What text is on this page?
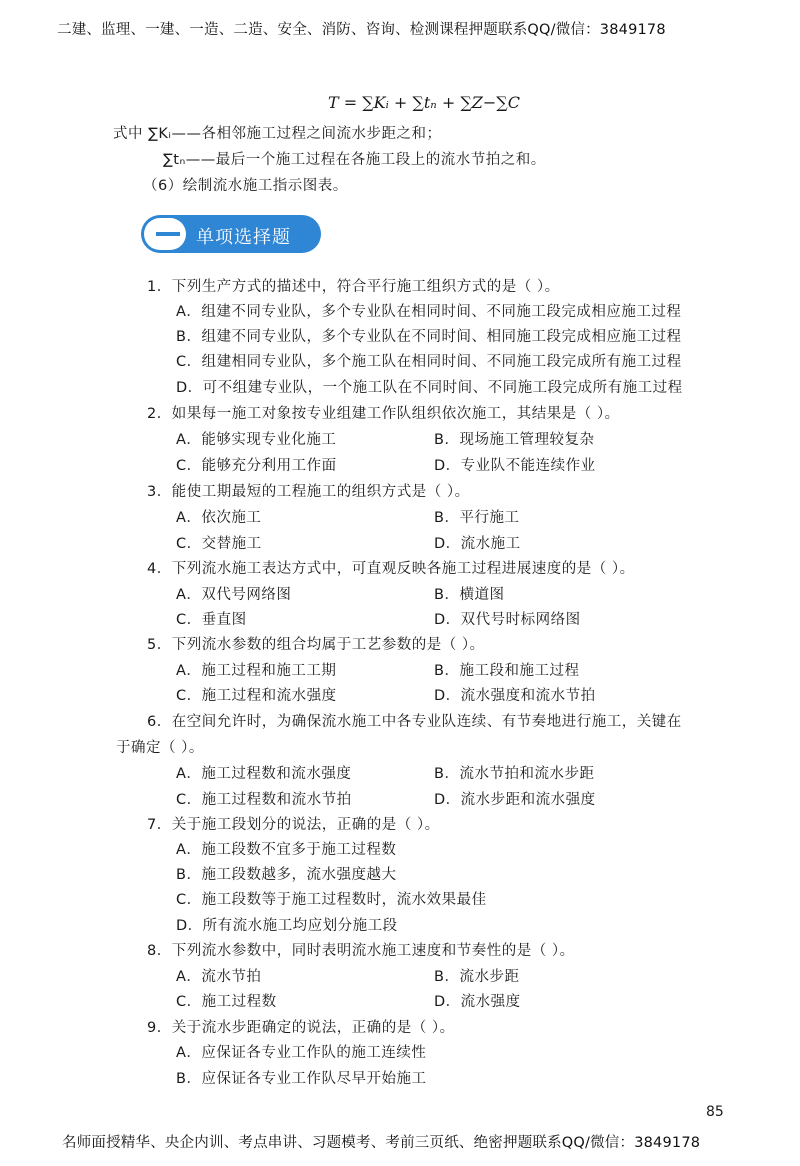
二建、监理、一建、一造、二造、安全、消防、咨询、检测课程押题联系QQ/微信：3849178
T = ∑Kᵢ + ∑tₙ + ∑Z−∑C
式中 ∑Kᵢ——各相邻施工过程之间流水步距之和；
∑tₙ——最后一个施工过程在各施工段上的流水节拍之和。
（6）绘制流水施工指示图表。
单项选择题
1．下列生产方式的描述中，符合平行施工组织方式的是（ ）。
A．组建不同专业队，多个专业队在相同时间、不同施工段完成相应施工过程
B．组建不同专业队，多个专业队在不同时间、相同施工段完成相应施工过程
C．组建相同专业队，多个施工队在相同时间、不同施工段完成所有施工过程
D．可不组建专业队，一个施工队在不同时间、不同施工段完成所有施工过程
2．如果每一施工对象按专业组建工作队组织依次施工，其结果是（ ）。
A．能够实现专业化施工	B．现场施工管理较复杂
C．能够充分利用工作面	D．专业队不能连续作业
3．能使工期最短的工程施工的组织方式是（ ）。
A．依次施工	B．平行施工
C．交替施工	D．流水施工
4．下列流水施工表达方式中，可直观反映各施工过程进展速度的是（ ）。
A．双代号网络图	B．横道图
C．垂直图	D．双代号时标网络图
5．下列流水参数的组合均属于工艺参数的是（ ）。
A．施工过程和施工工期	B．施工段和施工过程
C．施工过程和流水强度	D．流水强度和流水节拍
6．在空间允许时，为确保流水施工中各专业队连续、有节奏地进行施工，关键在
于确定（ ）。
A．施工过程数和流水强度	B．流水节拍和流水步距
C．施工过程数和流水节拍	D．流水步距和流水强度
7．关于施工段划分的说法，正确的是（ ）。
A．施工段数不宜多于施工过程数
B．施工段数越多，流水强度越大
C．施工段数等于施工过程数时，流水效果最佳
D．所有流水施工均应划分施工段
8．下列流水参数中，同时表明流水施工速度和节奏性的是（ ）。
A．流水节拍	B．流水步距
C．施工过程数	D．流水强度
9．关于流水步距确定的说法，正确的是（ ）。
A．应保证各专业工作队的施工连续性
B．应保证各专业工作队尽早开始施工
85
名师面授精华、央企内训、考点串讲、习题模考、考前三页纸、绝密押题联系QQ/微信：3849178
